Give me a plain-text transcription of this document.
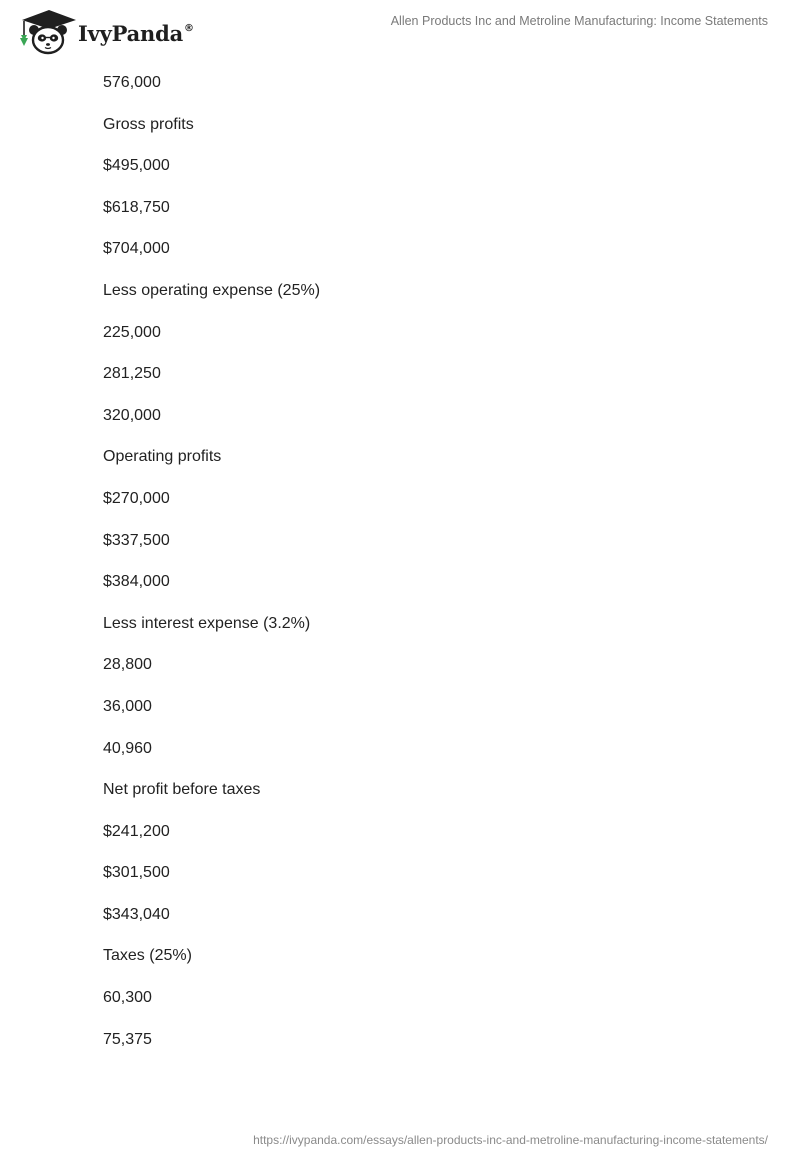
IvyPanda®	Allen Products Inc and Metroline Manufacturing: Income Statements
576,000
Gross profits
$495,000
$618,750
$704,000
Less operating expense (25%)
225,000
281,250
320,000
Operating profits
$270,000
$337,500
$384,000
Less interest expense (3.2%)
28,800
36,000
40,960
Net profit before taxes
$241,200
$301,500
$343,040
Taxes (25%)
60,300
75,375
https://ivypanda.com/essays/allen-products-inc-and-metroline-manufacturing-income-statements/
